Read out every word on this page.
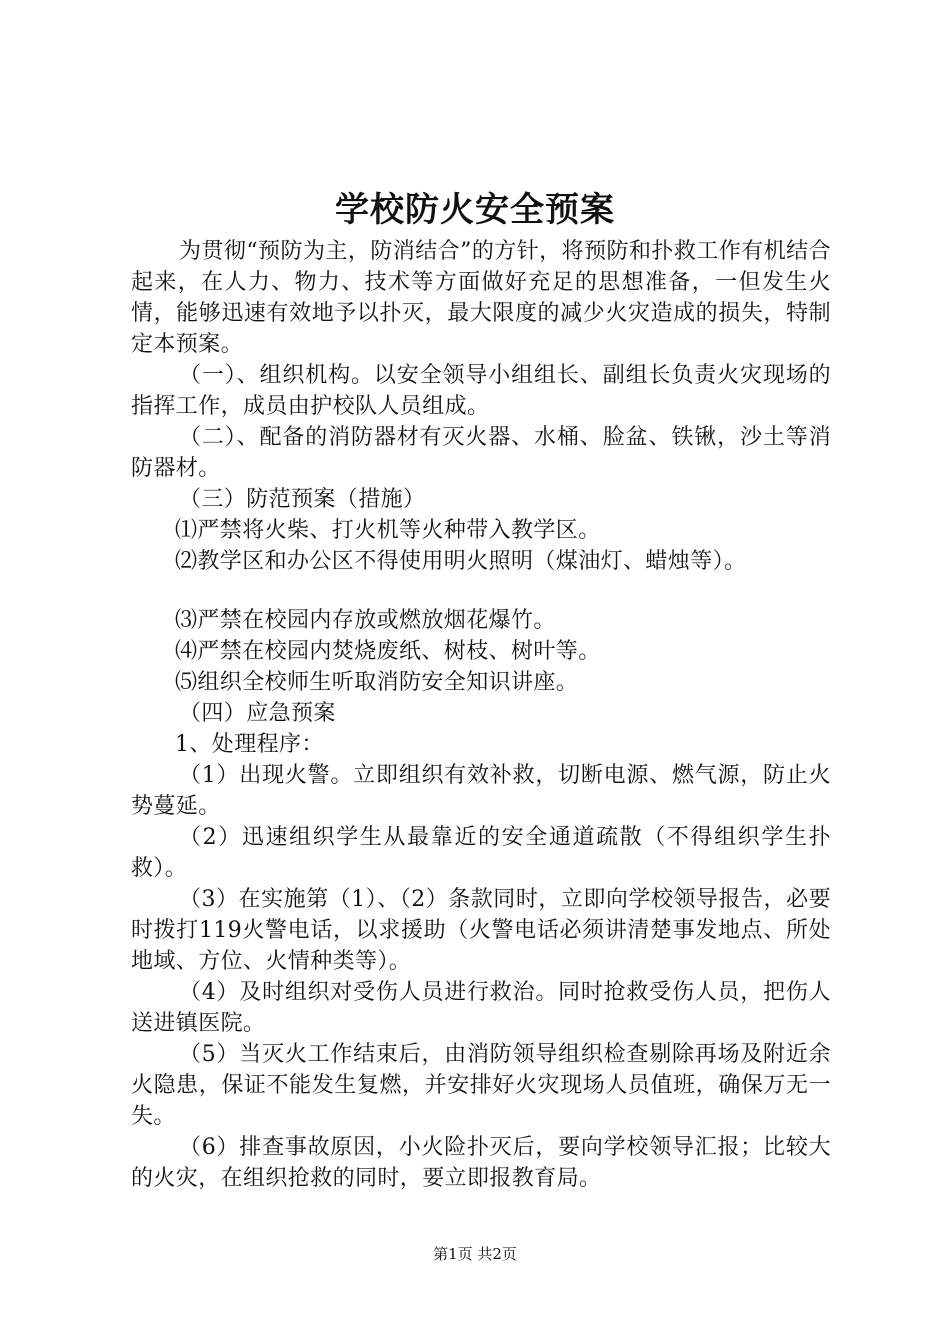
学校防火安全预案

为贯彻“预防为主，防消结合”的方针，将预防和扑救工作有机结合起来，在人力、物力、技术等方面做好充足的思想准备，一但发生火情，能够迅速有效地予以扑灭，最大限度的减少火灾造成的损失，特制定本预案。

（一）、组织机构。以安全领导小组组长、副组长负责火灾现场的指挥工作，成员由护校队人员组成。

（二）、配备的消防器材有灭火器、水桶、脸盆、铁锹，沙土等消防器材。

（三）防范预案（措施）

⑴严禁将火柴、打火机等火种带入教学区。

⑵教学区和办公区不得使用明火照明（煤油灯、蜡烛等）。

⑶严禁在校园内存放或燃放烟花爆竹。

⑷严禁在校园内焚烧废纸、树枝、树叶等。

⑸组织全校师生听取消防安全知识讲座。

（四）应急预案

1、处理程序：

（1）出现火警。立即组织有效补救，切断电源、燃气源，防止火势蔓延。

（2）迅速组织学生从最靠近的安全通道疏散（不得组织学生扑救）。

（3）在实施第（1）、（2）条款同时，立即向学校领导报告，必要时拨打119火警电话，以求援助（火警电话必须讲清楚事发地点、所处地域、方位、火情种类等）。

（4）及时组织对受伤人员进行救治。同时抢救受伤人员，把伤人送进镇医院。

（5）当灭火工作结束后，由消防领导组织检查剔除再场及附近余火隐患，保证不能发生复燃，并安排好火灾现场人员值班，确保万无一失。

（6）排查事故原因，小火险扑灭后，要向学校领导汇报；比较大的火灾，在组织抢救的同时，要立即报教育局。

第1页 共2页
